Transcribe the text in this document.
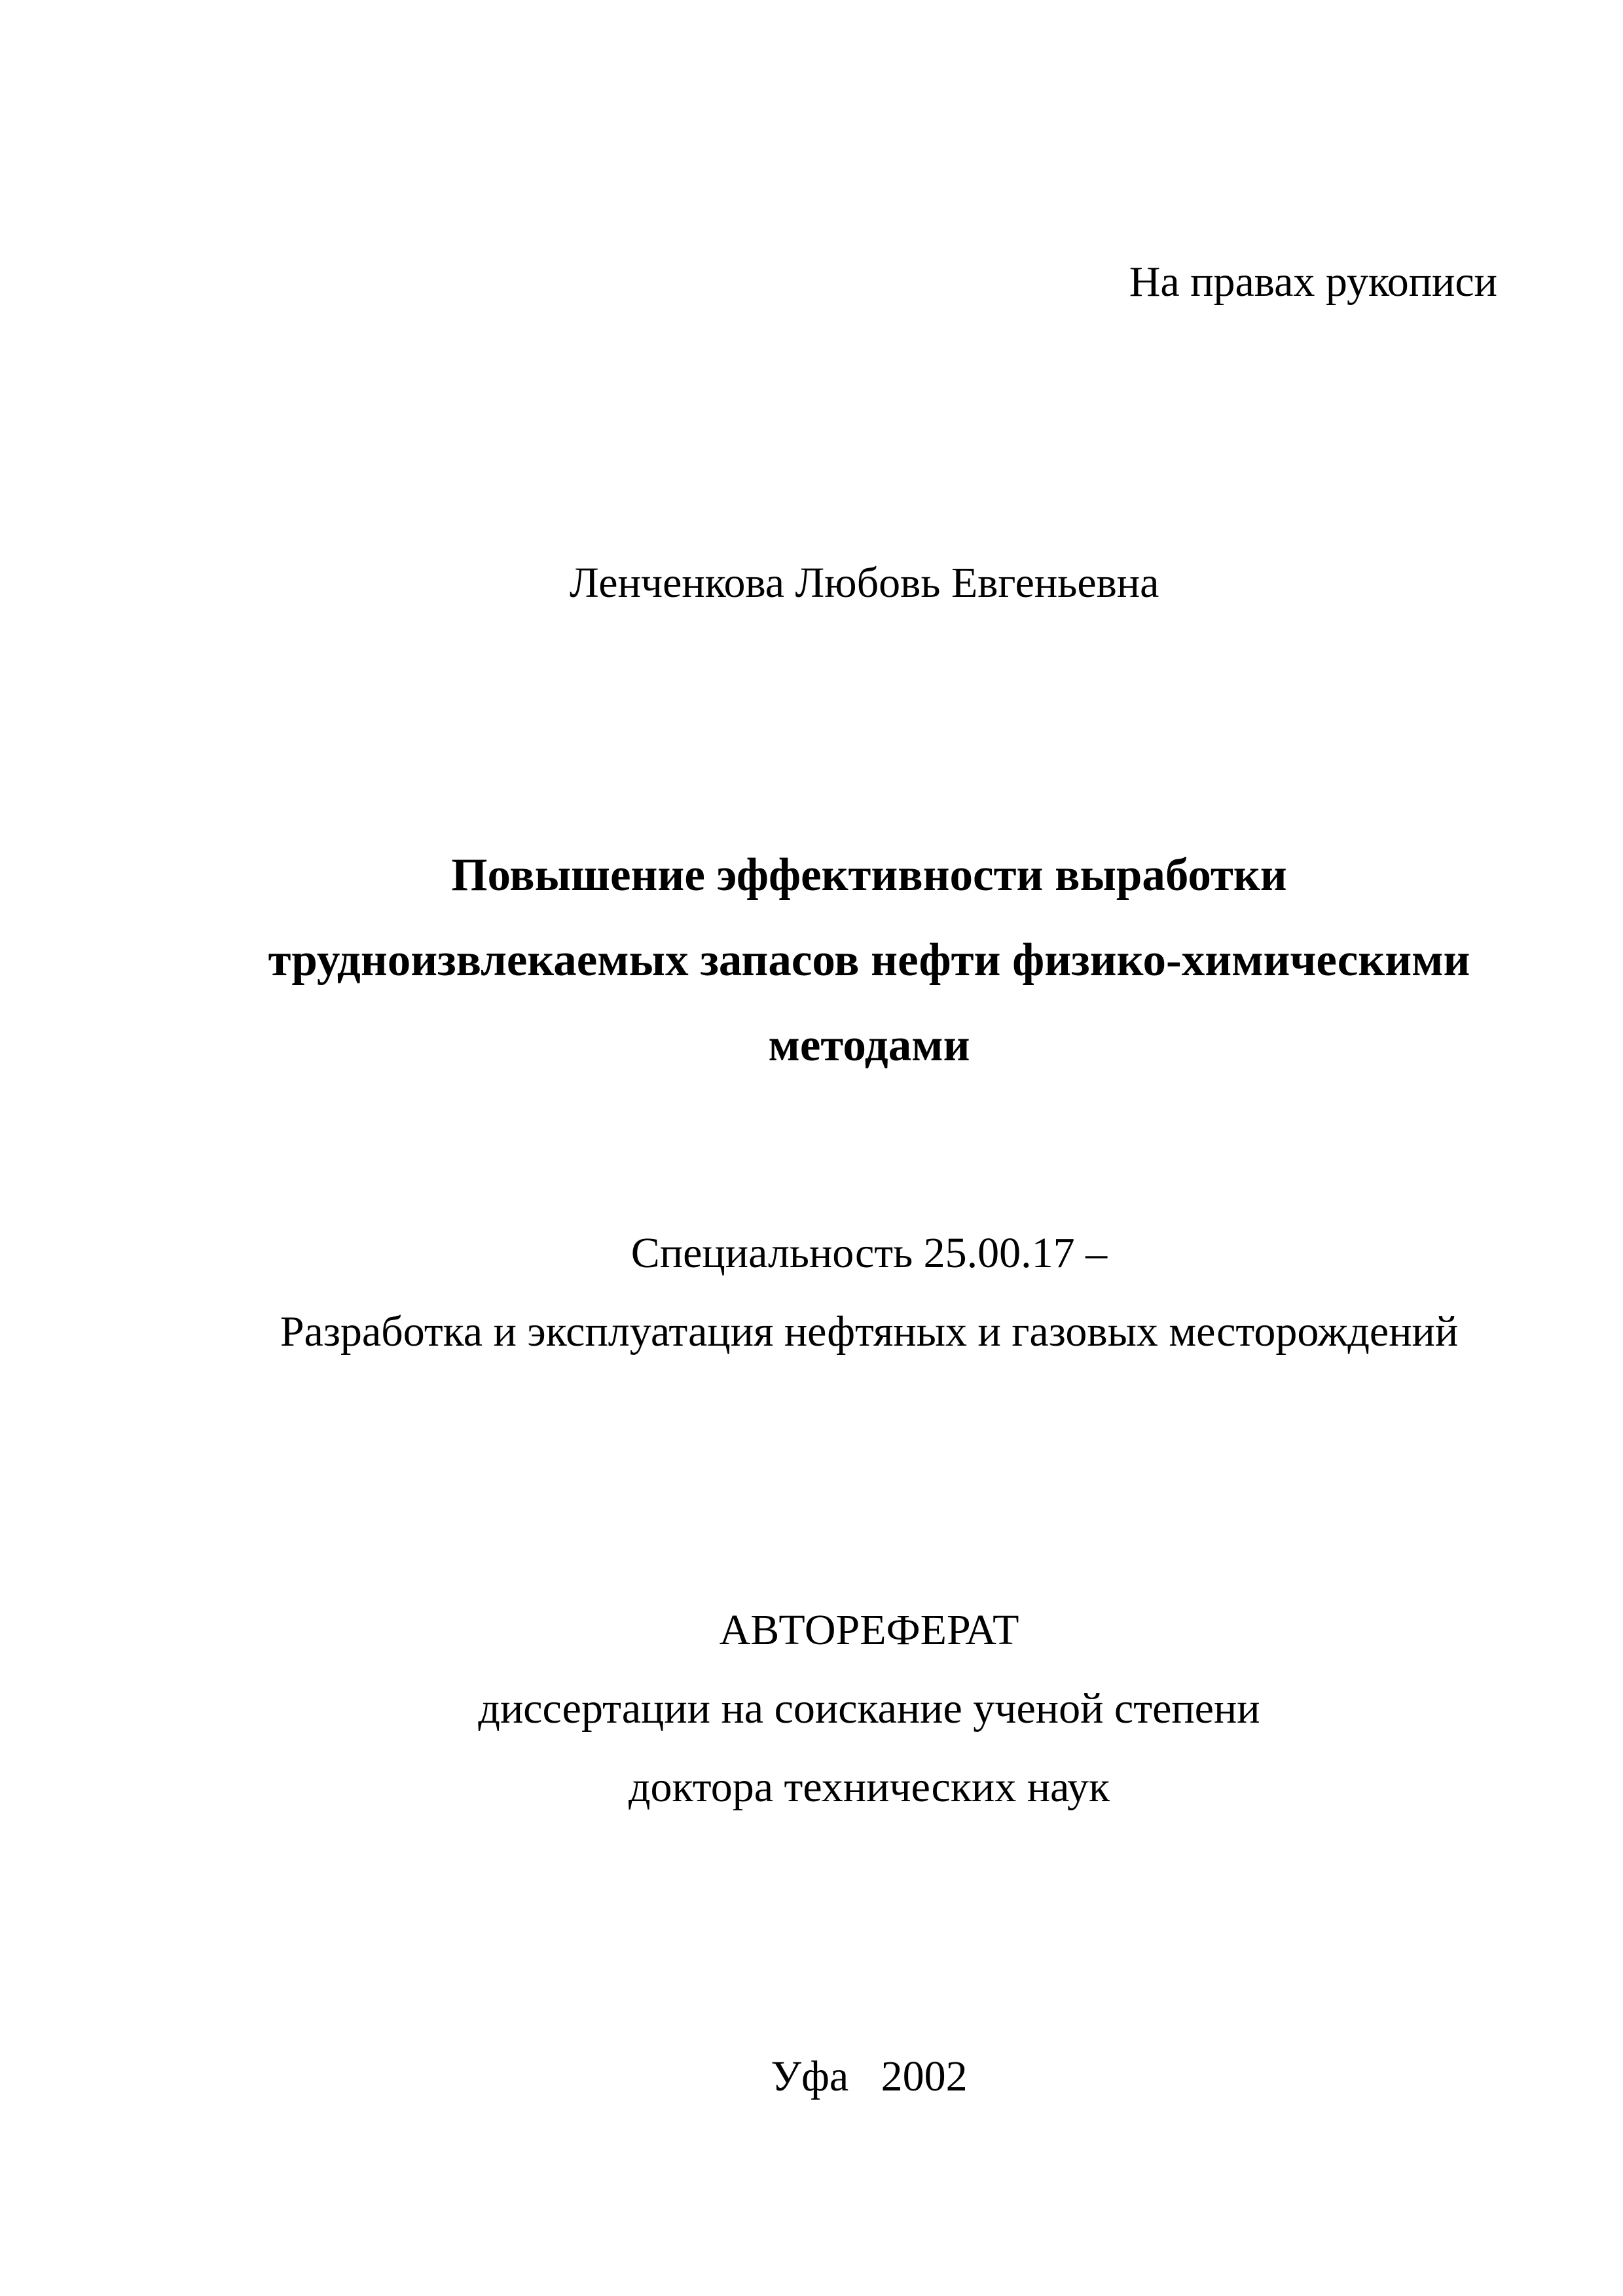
На правах рукописи
Ленченкова Любовь Евгеньевна
Повышение эффективности выработки
трудноизвлекаемых запасов нефти физико-химическими
методами
Специальность 25.00.17 –
Разработка и эксплуатация нефтяных и газовых месторождений
АВТОРЕФЕРАТ
диссертации на соискание ученой степени
доктора технических наук
Уфа   2002
